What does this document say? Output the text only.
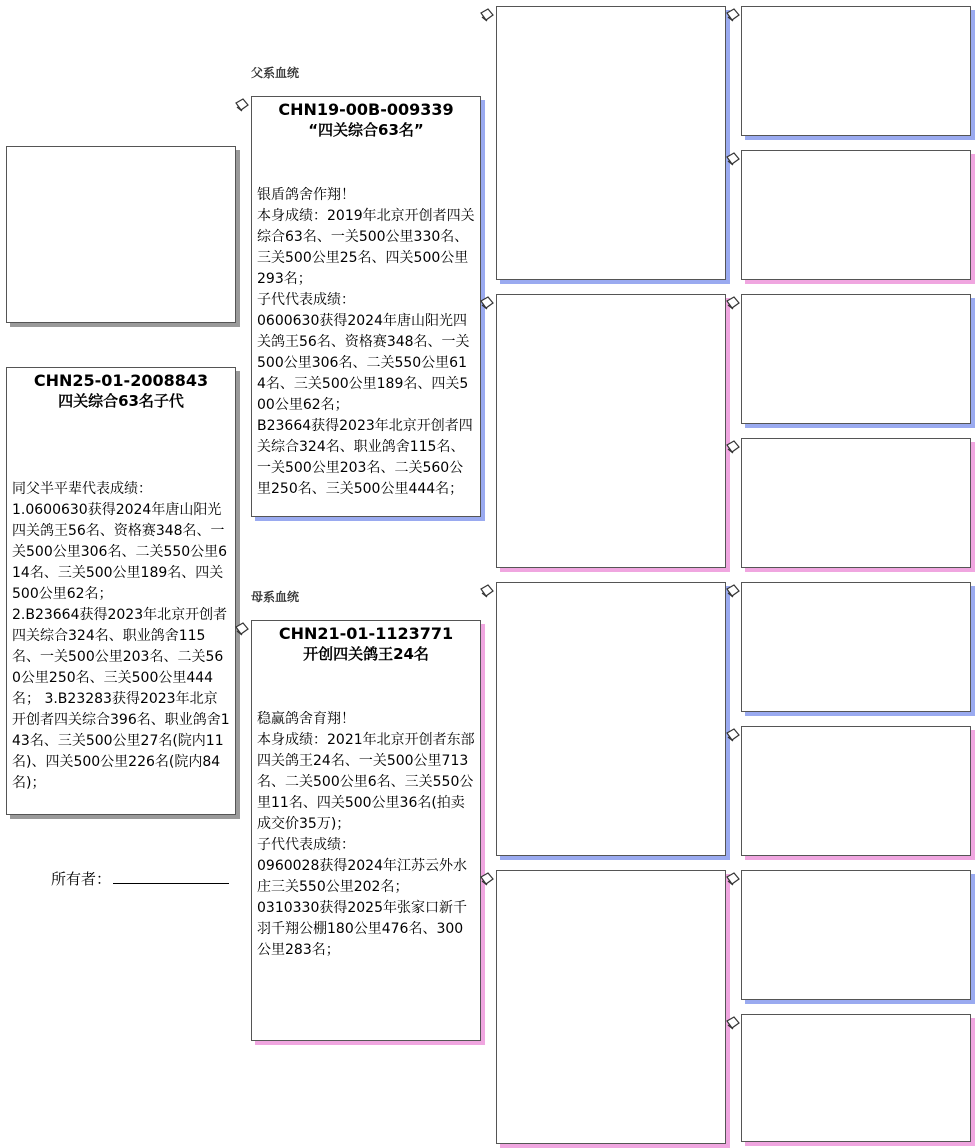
CHN25-01-2008843
四关综合63名子代
同父半平辈代表成绩：
1.0600630获得2024年唐山阳光四关鸽王56名、资格赛348名、一关500公里306名、二关550公里614名、三关500公里189名、四关500公里62名；
2.B23664获得2023年北京开创者四关综合324名、职业鸽舍115名、一关500公里203名、二关560公里250名、三关500公里444名； 3.B23283获得2023年北京开创者四关综合396名、职业鸽舍143名、三关500公里27名(院内11名)、四关500公里226名(院内84名)；
所有者：
父系血统
CHN19-00B-009339
“四关综合63名”
银盾鸽舍作翔！
本身成绩：2019年北京开创者四关综合63名、一关500公里330名、三关500公里25名、四关500公里293名；
子代代表成绩：
0600630获得2024年唐山阳光四关鸽王56名、资格赛348名、一关500公里306名、二关550公里614名、三关500公里189名、四关500公里62名；
B23664获得2023年北京开创者四关综合324名、职业鸽舍115名、一关500公里203名、二关560公里250名、三关500公里444名；
母系血统
CHN21-01-1123771
开创四关鸽王24名
稳赢鸽舍育翔！
本身成绩：2021年北京开创者东部四关鸽王24名、一关500公里713名、二关500公里6名、三关550公里11名、四关500公里36名(拍卖成交价35万)；
子代代表成绩：
0960028获得2024年江苏云外水庄三关550公里202名；
0310330获得2025年张家口新千羽千翔公棚180公里476名、300公里283名；
